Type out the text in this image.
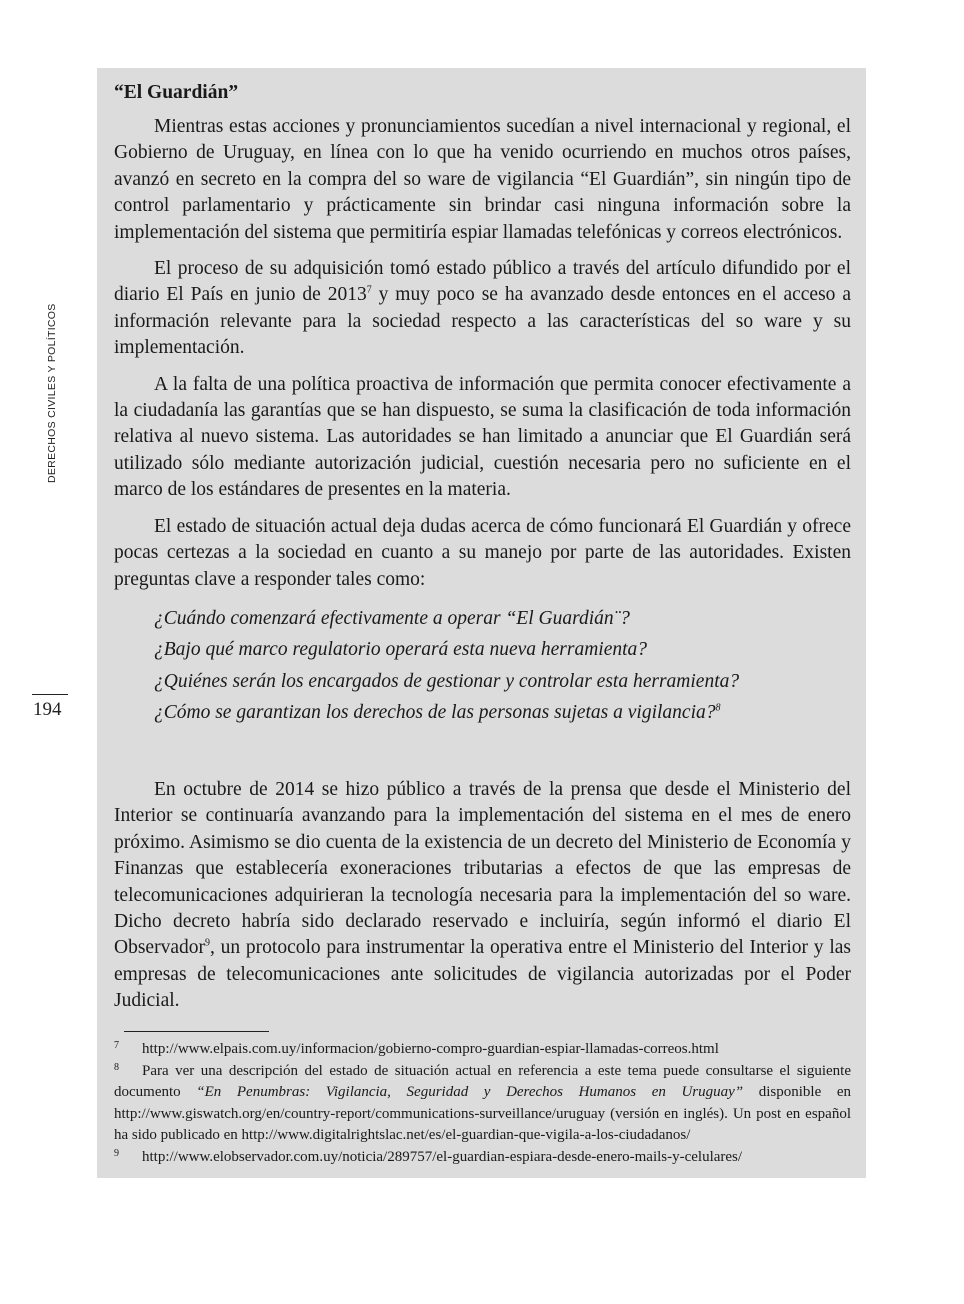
DERECHOS CIVILES Y POLÍTICOS
194

“El Guardián”

Mientras estas acciones y pronunciamientos sucedían a nivel internacional y regional, el Gobierno de Uruguay, en línea con lo que ha venido ocurriendo en muchos otros países, avanzó en secreto en la compra del so ware de vigilancia “El Guardián”, sin ningún tipo de control parlamentario y prácticamente sin brindar casi ninguna información sobre la implementación del sistema que permitiría espiar llamadas telefónicas y correos electrónicos.

El proceso de su adquisición tomó estado público a través del artículo difundido por el diario El País en junio de 2013$^7$ y muy poco se ha avanzado desde entonces en el acceso a información relevante para la sociedad respecto a las características del so ware y su implementación.

A la falta de una política proactiva de información que permita conocer efectivamente a la ciudadanía las garantías que se han dispuesto, se suma la clasificación de toda información relativa al nuevo sistema. Las autoridades se han limitado a anunciar que El Guardián será utilizado sólo mediante autorización judicial, cuestión necesaria pero no suficiente en el marco de los estándares de presentes en la materia.

El estado de situación actual deja dudas acerca de cómo funcionará El Guardián y ofrece pocas certezas a la sociedad en cuanto a su manejo por parte de las autoridades. Existen preguntas clave a responder tales como:

¿Cuándo comenzará efectivamente a operar “El Guardián¨?
¿Bajo qué marco regulatorio operará esta nueva herramienta?
¿Quiénes serán los encargados de gestionar y controlar esta herramienta?
¿Cómo se garantizan los derechos de las personas sujetas a vigilancia?$^8$

En octubre de 2014 se hizo público a través de la prensa que desde el Ministerio del Interior se continuaría avanzando para la implementación del sistema en el mes de enero próximo. Asimismo se dio cuenta de la existencia de un decreto del Ministerio de Economía y Finanzas que establecería exoneraciones tributarias a efectos de que las empresas de telecomunicaciones adquirieran la tecnología necesaria para la implementación del so ware. Dicho decreto habría sido declarado reservado e incluiría, según informó el diario El Observador$^9$, un protocolo para instrumentar la operativa entre el Ministerio del Interior y las empresas de telecomunicaciones ante solicitudes de vigilancia autorizadas por el Poder Judicial.

7	http://www.elpais.com.uy/informacion/gobierno-compro-guardian-espiar-llamadas-correos.html

8	Para ver una descripción del estado de situación actual en referencia a este tema puede consultarse el siguiente documento “En Penumbras: Vigilancia, Seguridad y Derechos Humanos en Uruguay” disponible en http://www.giswatch.org/en/country-report/communications-surveillance/uruguay (versión en inglés). Un post en español ha sido publicado en http://www.digitalrightslac.net/es/el-guardian-que-vigila-a-los-ciudadanos/

9	http://www.elobservador.com.uy/noticia/289757/el-guardian-espiara-desde-enero-mails-y-celulares/
